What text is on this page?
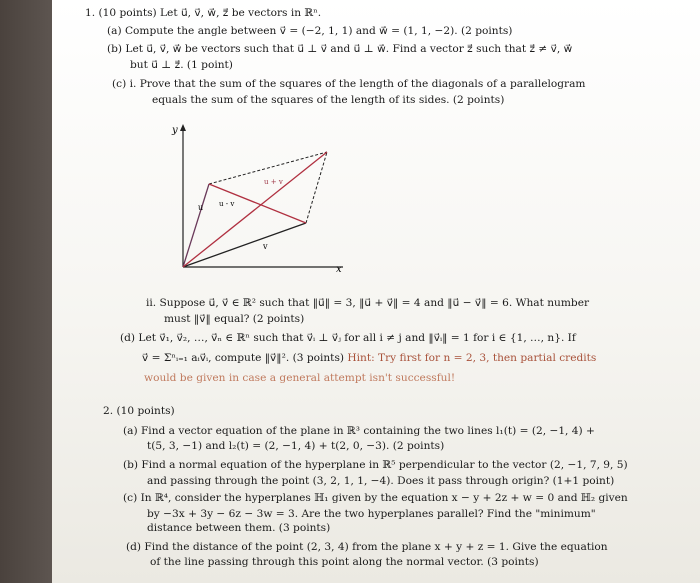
1. (10 points) Let u⃗, v⃗, w⃗, z⃗ be vectors in ℝⁿ.
(a) Compute the angle between v⃗ = (−2, 1, 1) and w⃗ = (1, 1, −2). (2 points)
(b) Let u⃗, v⃗, w⃗ be vectors such that u⃗ ⊥ v⃗ and u⃗ ⊥ w⃗. Find a vector z⃗ such that z⃗ ≠ v⃗, w⃗
but u⃗ ⊥ z⃗. (1 point)
(c) i. Prove that the sum of the squares of the length of the diagonals of a parallelogram
equals the sum of the squares of the length of its sides. (2 points)
y
x
u
v
u - v
u + v
ii. Suppose u⃗, v⃗ ∈ ℝ² such that ‖u⃗‖ = 3, ‖u⃗ + v⃗‖ = 4 and ‖u⃗ − v⃗‖ = 6. What number
must ‖v⃗‖ equal? (2 points)
(d) Let v⃗₁, v⃗₂, …, v⃗ₙ ∈ ℝⁿ such that v⃗ᵢ ⊥ v⃗ⱼ for all i ≠ j and ‖v⃗ᵢ‖ = 1 for i ∈ {1, …, n}. If
v⃗ = Σⁿᵢ₌₁ aᵢv⃗ᵢ, compute ‖v⃗‖². (3 points) Hint: Try first for n = 2, 3, then partial credits
would be given in case a general attempt isn't successful!
2. (10 points)
(a) Find a vector equation of the plane in ℝ³ containing the two lines l₁(t) = (2, −1, 4) +
t(5, 3, −1) and l₂(t) = (2, −1, 4) + t(2, 0, −3). (2 points)
(b) Find a normal equation of the hyperplane in ℝ⁵ perpendicular to the vector (2, −1, 7, 9, 5)
and passing through the point (3, 2, 1, 1, −4). Does it pass through origin? (1+1 point)
(c) In ℝ⁴, consider the hyperplanes ℍ₁ given by the equation x − y + 2z + w = 0 and ℍ₂ given
by −3x + 3y − 6z − 3w = 3. Are the two hyperplanes parallel? Find the "minimum"
distance between them. (3 points)
(d) Find the distance of the point (2, 3, 4) from the plane x + y + z = 1. Give the equation
of the line passing through this point along the normal vector. (3 points)
